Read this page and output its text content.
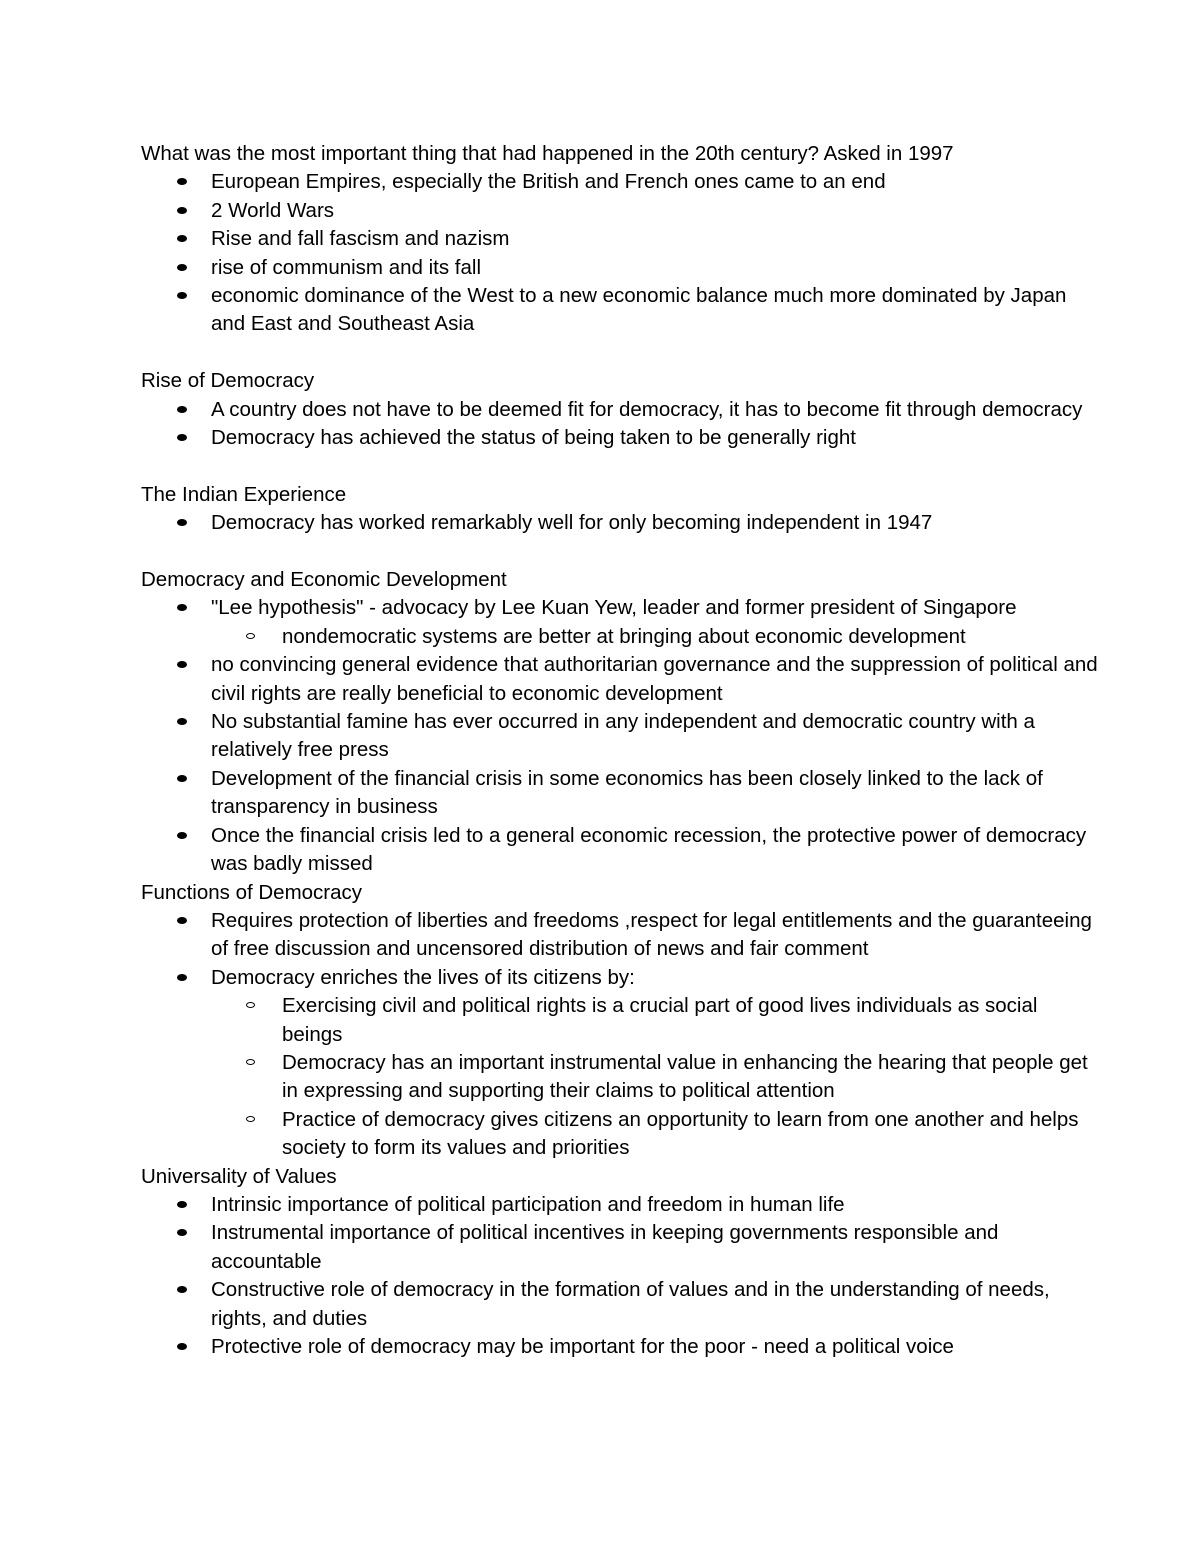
What was the most important thing that had happened in the 20th century? Asked in 1997
European Empires, especially the British and French ones came to an end
2 World Wars
Rise and fall fascism and nazism
rise of communism and its fall
economic dominance of the West to a new economic balance much more dominated by Japan and East and Southeast Asia
Rise of Democracy
A country does not have to be deemed fit for democracy, it has to become fit through democracy
Democracy has achieved the status of being taken to be generally right
The Indian Experience
Democracy has worked remarkably well for only becoming independent in 1947
Democracy and Economic Development
"Lee hypothesis" - advocacy by Lee Kuan Yew, leader and former president of Singapore
nondemocratic systems are better at bringing about economic development
no convincing general evidence that authoritarian governance and the suppression of political and civil rights are really beneficial to economic development
No substantial famine has ever occurred in any independent and democratic country with a relatively free press
Development of the financial crisis in some economics has been closely linked to the lack of transparency in business
Once the financial crisis led to a general economic recession, the protective power of democracy was badly missed
Functions of Democracy
Requires protection of liberties and freedoms ,respect for legal entitlements and the guaranteeing of free discussion and uncensored distribution of news and fair comment
Democracy enriches the lives of its citizens by:
Exercising civil and political rights is a crucial part of good lives individuals as social beings
Democracy has an important instrumental value in enhancing the hearing that people get in expressing and supporting their claims to political attention
Practice of democracy gives citizens an opportunity to learn from one another and helps society to form its values and priorities
Universality of Values
Intrinsic importance of political participation and freedom in human life
Instrumental importance of political incentives in keeping governments responsible and accountable
Constructive role of democracy in the formation of values and in the understanding of needs, rights, and duties
Protective role of democracy may be important for the poor - need a political voice
